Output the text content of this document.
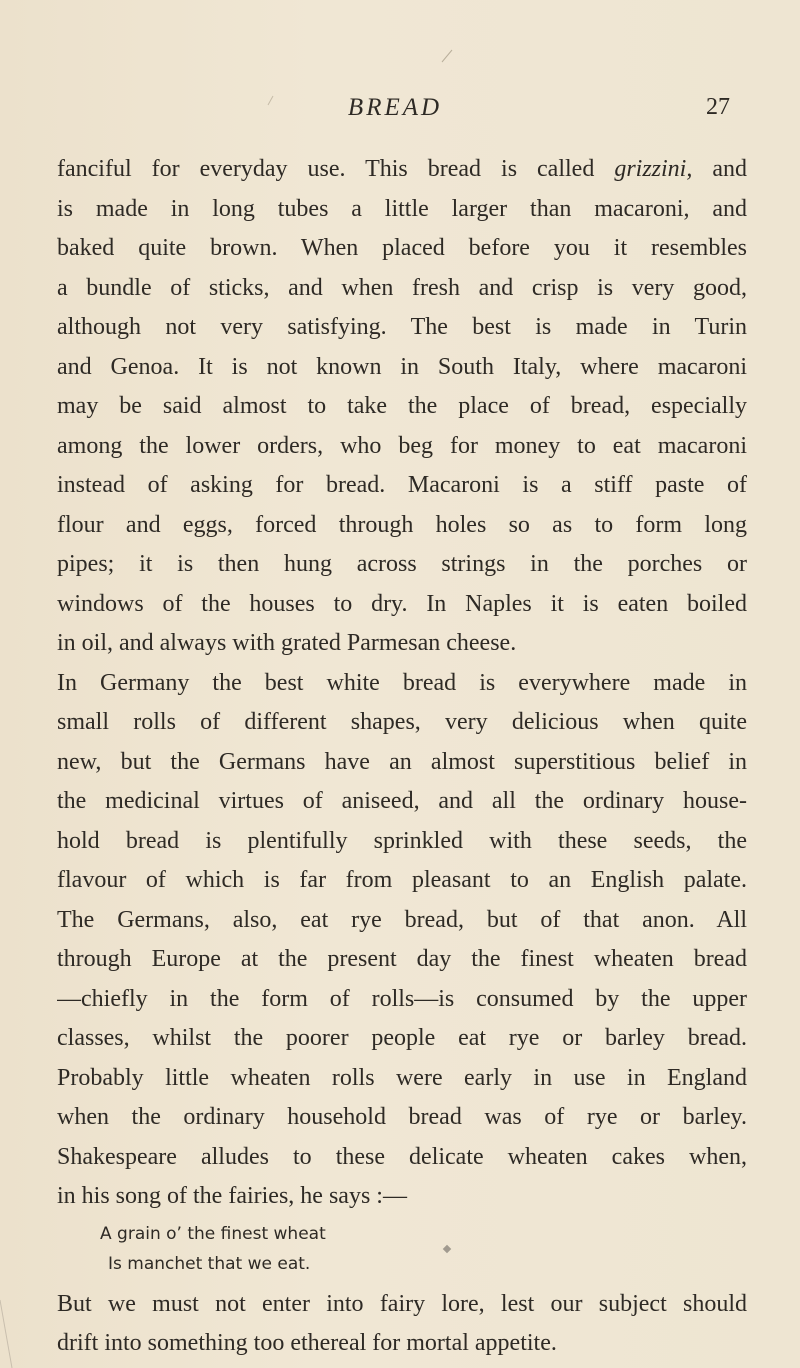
BREAD	27
fanciful for everyday use. This bread is called grizzini, and
is made in long tubes a little larger than macaroni, and
baked quite brown. When placed before you it resembles
a bundle of sticks, and when fresh and crisp is very good,
although not very satisfying. The best is made in Turin
and Genoa. It is not known in South Italy, where macaroni
may be said almost to take the place of bread, especially
among the lower orders, who beg for money to eat macaroni
instead of asking for bread. Macaroni is a stiff paste of
flour and eggs, forced through holes so as to form long
pipes; it is then hung across strings in the porches or
windows of the houses to dry. In Naples it is eaten boiled
in oil, and always with grated Parmesan cheese.
In Germany the best white bread is everywhere made in
small rolls of different shapes, very delicious when quite
new, but the Germans have an almost superstitious belief in
the medicinal virtues of aniseed, and all the ordinary house-
hold bread is plentifully sprinkled with these seeds, the
flavour of which is far from pleasant to an English palate.
The Germans, also, eat rye bread, but of that anon. All
through Europe at the present day the finest wheaten bread
—chiefly in the form of rolls—is consumed by the upper
classes, whilst the poorer people eat rye or barley bread.
Probably little wheaten rolls were early in use in England
when the ordinary household bread was of rye or barley.
Shakespeare alludes to these delicate wheaten cakes when,
in his song of the fairies, he says :—
A grain o’ the finest wheat
Is manchet that we eat.
But we must not enter into fairy lore, lest our subject should
drift into something too ethereal for mortal appetite.
